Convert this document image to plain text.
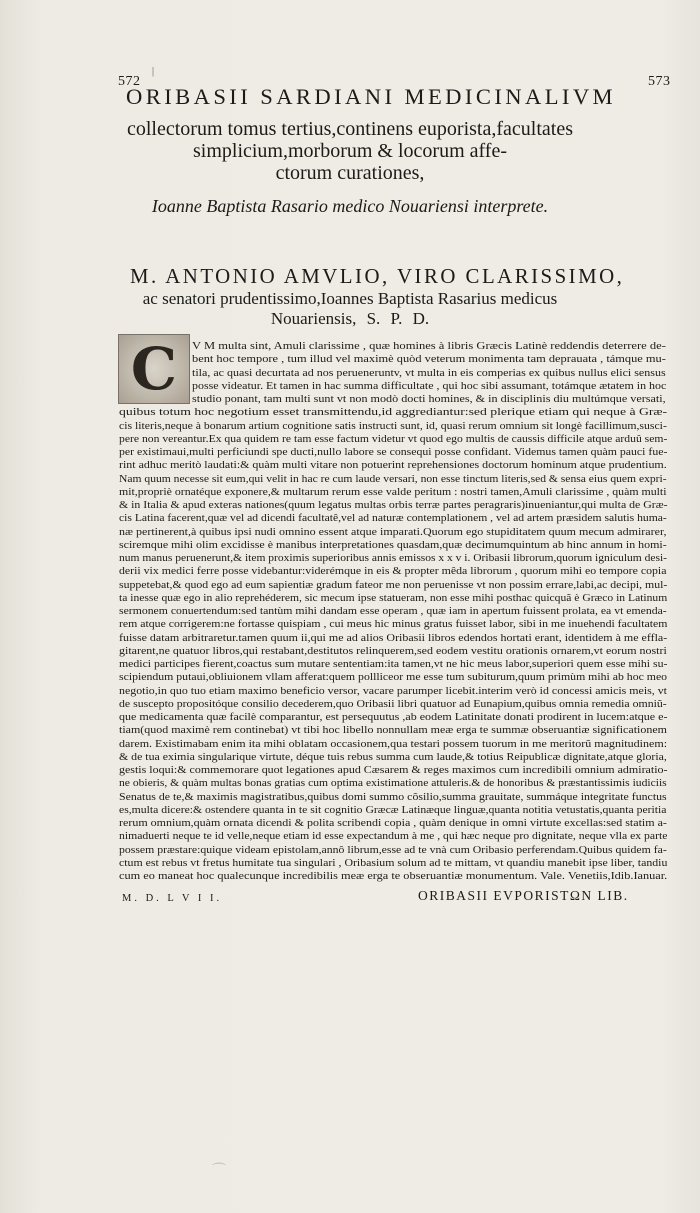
|
572	573
ORIBASII SARDIANI MEDICINALIVM
collectorum tomus tertius,continens euporista,facultates
simplicium,morborum & locorum affe-
ctorum curationes,
Ioanne Baptista Rasario medico Nouariensi interprete.
M. ANTONIO AMVLIO, VIRO CLARISSIMO,
ac senatori prudentissimo,Ioannes Baptista Rasarius medicus
Nouariensis, S. P. D.
C V M multa sint, Amuli clarissime , quæ homines à libris Græcis Latinè reddendis deterrere de-
bent hoc tempore , tum illud vel maximè quòd veterum monimenta tam deprauata , támque mu-
tila, ac quasi decurtata ad nos perueneruntv, vt multa in eis comperias ex quibus nullus elici sensus
posse videatur. Et tamen in hac summa difficultate , qui hoc sibi assumant, totámque ætatem in hoc
studio ponant, tam multi sunt vt non modò docti homines, & in disciplinis diu multúmque versati,
quibus totum hoc negotium esset transmittendu,id aggrediantur:sed plerique etiam qui neque à Græ-
cis literis,neque à bonarum artium cognitione satis instructi sunt, id, quasi rerum omnium sit longè facillimum,susci-
pere non vereantur.Ex qua quidem re tam esse factum videtur vt quod ego multis de caussis difficile atque arduû sem-
per existimaui,multi perficiundi spe ducti,nullo labore se consequi posse confidant. Videmus tamen quàm pauci fue-
rint adhuc meritò laudati:& quàm multi vitare non potuerint reprehensiones doctorum hominum atque prudentium.
Nam quum necesse sit eum,qui velit in hac re cum laude versari, non esse tinctum literis,sed & sensa eius quem expri-
mit,propriè ornatéque exponere,& multarum rerum esse valde peritum : nostri tamen,Amuli clarissime , quàm multi
& in Italia & apud exteras nationes(quum legatus multas orbis terræ partes peragraris)inueniantur,qui multa de Græ-
cis Latina facerent,quæ vel ad dicendi facultatê,vel ad naturæ contemplationem , vel ad artem præsidem salutis huma-
næ pertinerent,à quibus ipsi nudi omnino essent atque imparati.Quorum ego stupiditatem quum mecum admirarer,
sciremque mihi olim excidisse è manibus interpretationes quasdam,quæ decimumquintum ab hinc annum in homi-
num manus peruenerunt,& item proximis superioribus annis emissos x x v i. Oribasii librorum,quorum igniculum desi-
derii vix medici ferre posse videbantur:viderémque in eis & propter mêda librorum , quorum mihi eo tempore copia
suppetebat,& quod ego ad eum sapientiæ gradum fateor me non peruenisse vt non possim errare,labi,ac decipi, mul-
ta inesse quæ ego in alio reprehéderem, sic mecum ipse statueram, non esse mihi posthac quicquã è Græco in Latinum
sermonem conuertendum:sed tantùm mihi dandam esse operam , quæ iam in apertum fuissent prolata, ea vt emenda-
rem atque corrigerem:ne fortasse quispiam , cui meus hic minus gratus fuisset labor, sibi in me inuehendi facultatem
fuisse datam arbitraretur.tamen quum ii,qui me ad alios Oribasii libros edendos hortati erant, identidem à me effla-
gitarent,ne quatuor libros,qui restabant,destitutos relinquerem,sed eodem vestitu orationis ornarem,vt eorum nostri
medici participes fierent,coactus sum mutare sententiam:ita tamen,vt ne hic meus labor,superiori quem esse mihi su-
scipiendum putaui,obliuionem vllam afferat:quem pollliceor me esse tum subiturum,quum primùm mihi ab hoc meo
negotio,in quo tuo etiam maximo beneficio versor, vacare parumper licebit.interim verò id concessi amicis meis, vt
de suscepto propositóque consilio decederem,quo Oribasii libri quatuor ad Eunapium,quibus omnia remedia omniũ-
que medicamenta quæ facilè comparantur, est persequutus ,ab eodem Latinitate donati prodirent in lucem:atque e-
tiam(quod maximè rem continebat) vt tibi hoc libello nonnullam meæ erga te summæ obseruantiæ significationem
darem. Existimabam enim ita mihi oblatam occasionem,qua testari possem tuorum in me meritorũ magnitudinem:
& de tua eximia singularique virtute, déque tuis rebus summa cum laude,& totius Reipublicæ dignitate,atque gloria,
gestis loqui:& commemorare quot legationes apud Cæsarem & reges maximos cum incredibili omnium admiratio-
ne obieris, & quàm multas bonas gratias cum optima existimatione attuleris.& de honoribus & præstantissimis iudiciis
Senatus de te,& maximis magistratibus,quibus domi summo cõsilio,summa grauitate, summáque integritate functus
es,multa dicere:& ostendere quanta in te sit cognitio Græcæ Latinæque linguæ,quanta notitia vetustatis,quanta peritia
rerum omnium,quàm ornata dicendi & polita scribendi copia , quàm denique in omni virtute excellas:sed statim a-
nimaduerti neque te id velle,neque etiam id esse expectandum à me , qui hæc neque pro dignitate, neque vlla ex parte
possem præstare:quique videam epistolam,annô librum,esse ad te vnà cum Oribasio perferendam.Quibus quidem fa-
ctum est rebus vt fretus humitate tua singulari , Oribasium solum ad te mittam, vt quandiu manebit ipse liber, tandiu
cum eo maneat hoc qualecunque incredibilis meæ erga te obseruantiæ monumentum. Vale. Venetiis,Idib.Ianuar.
M. D. L V I I.	ORIBASII EVPORISTΩN LIB.
⌒
